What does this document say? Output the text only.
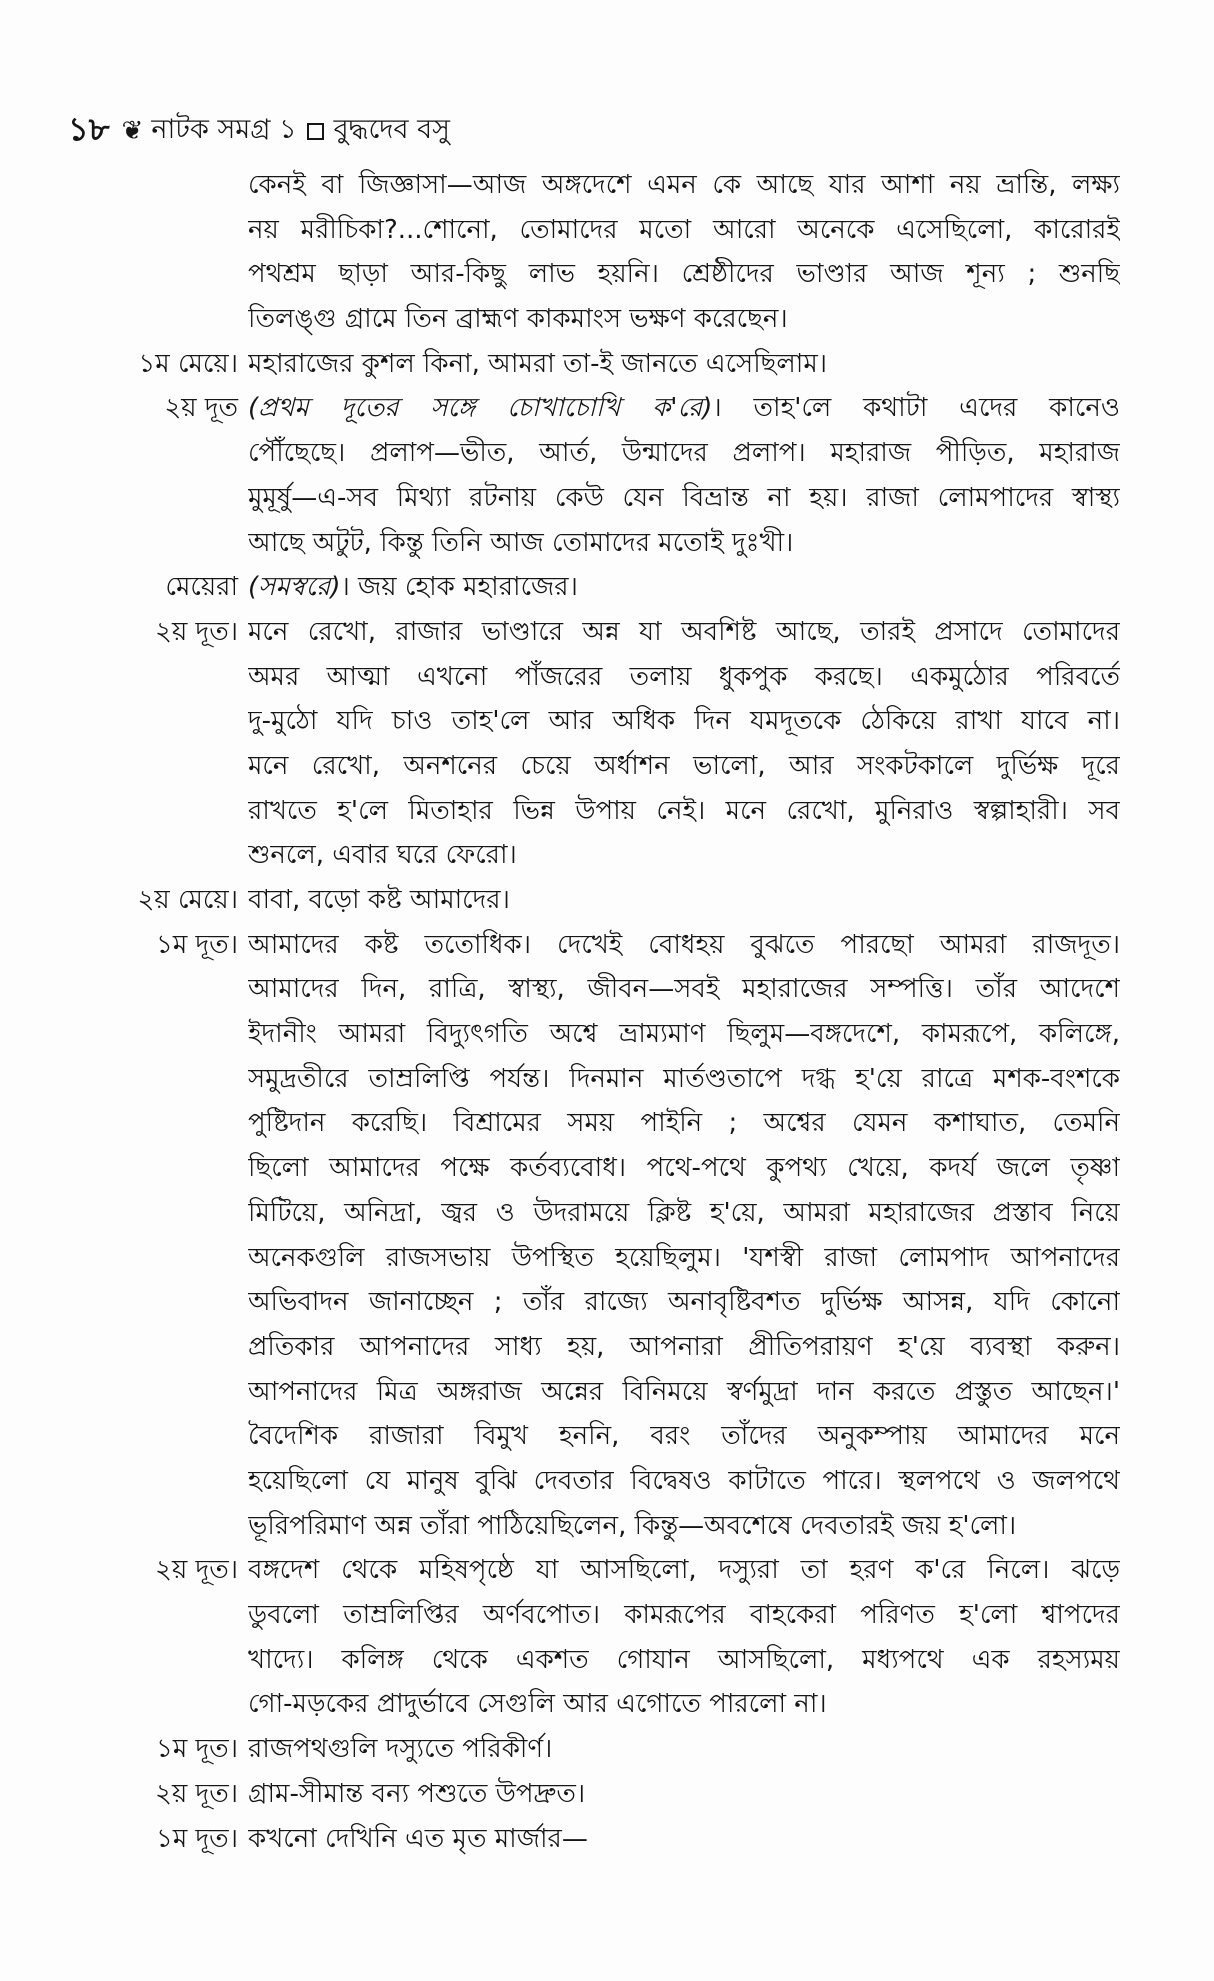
১৮ ❦ নাটক সমগ্র ১ বুদ্ধদেব বসু
কেনই বা জিজ্ঞাসা—আজ অঙ্গদেশে এমন কে আছে যার আশা নয় ভ্রান্তি, লক্ষ্য
নয় মরীচিকা?...শোনো, তোমাদের মতো আরো অনেকে এসেছিলো, কারোরই
পথশ্রম ছাড়া আর-কিছু লাভ হয়নি। শ্রেষ্ঠীদের ভাণ্ডার আজ শূন্য ; শুনছি
তিলঙ্গু গ্রামে তিন ব্রাহ্মণ কাকমাংস ভক্ষণ করেছেন।
১ম মেয়ে। মহারাজের কুশল কিনা, আমরা তা-ই জানতে এসেছিলাম।
২য় দূত (প্রথম দূতের সঙ্গে চোখাচোখি ক'রে)। তাহ'লে কথাটা এদের কানেও
পৌঁছেছে। প্রলাপ—ভীত, আর্ত, উন্মাদের প্রলাপ। মহারাজ পীড়িত, মহারাজ
মুমূর্ষু—এ-সব মিথ্যা রটনায় কেউ যেন বিভ্রান্ত না হয়। রাজা লোমপাদের স্বাস্থ্য
আছে অটুট, কিন্তু তিনি আজ তোমাদের মতোই দুঃখী।
মেয়েরা (সমস্বরে)। জয় হোক মহারাজের।
২য় দূত। মনে রেখো, রাজার ভাণ্ডারে অন্ন যা অবশিষ্ট আছে, তারই প্রসাদে তোমাদের
অমর আত্মা এখনো পাঁজরের তলায় ধুকপুক করছে। একমুঠোর পরিবর্তে
দু-মুঠো যদি চাও তাহ'লে আর অধিক দিন যমদূতকে ঠেকিয়ে রাখা যাবে না।
মনে রেখো, অনশনের চেয়ে অর্ধাশন ভালো, আর সংকটকালে দুর্ভিক্ষ দূরে
রাখতে হ'লে মিতাহার ভিন্ন উপায় নেই। মনে রেখো, মুনিরাও স্বল্পাহারী। সব
শুনলে, এবার ঘরে ফেরো।
২য় মেয়ে। বাবা, বড়ো কষ্ট আমাদের।
১ম দূত। আমাদের কষ্ট ততোধিক। দেখেই বোধহয় বুঝতে পারছো আমরা রাজদূত।
আমাদের দিন, রাত্রি, স্বাস্থ্য, জীবন—সবই মহারাজের সম্পত্তি। তাঁর আদেশে
ইদানীং আমরা বিদ্যুৎগতি অশ্বে ভ্রাম্যমাণ ছিলুম—বঙ্গদেশে, কামরূপে, কলিঙ্গে,
সমুদ্রতীরে তাম্রলিপ্তি পর্যন্ত। দিনমান মার্তণ্ডতাপে দগ্ধ হ'য়ে রাত্রে মশক-বংশকে
পুষ্টিদান করেছি। বিশ্রামের সময় পাইনি ; অশ্বের যেমন কশাঘাত, তেমনি
ছিলো আমাদের পক্ষে কর্তব্যবোধ। পথে-পথে কুপথ্য খেয়ে, কদর্য জলে তৃষ্ণা
মিটিয়ে, অনিদ্রা, জ্বর ও উদরাময়ে ক্লিষ্ট হ'য়ে, আমরা মহারাজের প্রস্তাব নিয়ে
অনেকগুলি রাজসভায় উপস্থিত হয়েছিলুম। 'যশস্বী রাজা লোমপাদ আপনাদের
অভিবাদন জানাচ্ছেন ; তাঁর রাজ্যে অনাবৃষ্টিবশত দুর্ভিক্ষ আসন্ন, যদি কোনো
প্রতিকার আপনাদের সাধ্য হয়, আপনারা প্রীতিপরায়ণ হ'য়ে ব্যবস্থা করুন।
আপনাদের মিত্র অঙ্গরাজ অন্নের বিনিময়ে স্বর্ণমুদ্রা দান করতে প্রস্তুত আছেন।'
বৈদেশিক রাজারা বিমুখ হননি, বরং তাঁদের অনুকম্পায় আমাদের মনে
হয়েছিলো যে মানুষ বুঝি দেবতার বিদ্বেষও কাটাতে পারে। স্থলপথে ও জলপথে
ভূরিপরিমাণ অন্ন তাঁরা পাঠিয়েছিলেন, কিন্তু—অবশেষে দেবতারই জয় হ'লো।
২য় দূত। বঙ্গদেশ থেকে মহিষপৃষ্ঠে যা আসছিলো, দস্যুরা তা হরণ ক'রে নিলে। ঝড়ে
ডুবলো তাম্রলিপ্তির অর্ণবপোত। কামরূপের বাহকেরা পরিণত হ'লো শ্বাপদের
খাদ্যে। কলিঙ্গ থেকে একশত গোযান আসছিলো, মধ্যপথে এক রহস্যময়
গো-মড়কের প্রাদুর্ভাবে সেগুলি আর এগোতে পারলো না।
১ম দূত। রাজপথগুলি দস্যুতে পরিকীর্ণ।
২য় দূত। গ্রাম-সীমান্ত বন্য পশুতে উপদ্রুত।
১ম দূত। কখনো দেখিনি এত মৃত মার্জার—
